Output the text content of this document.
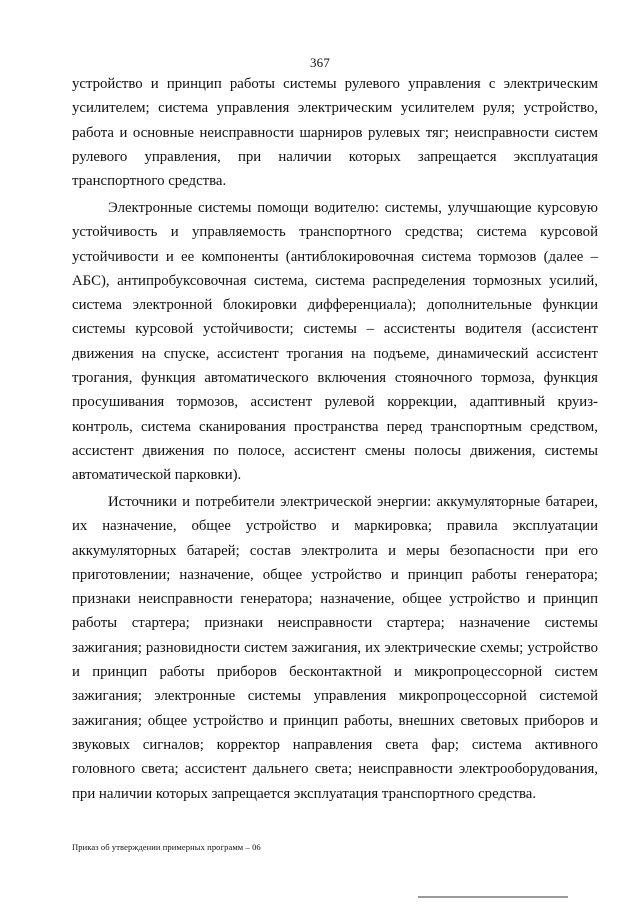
367

устройство и принцип работы системы рулевого управления с электрическим усилителем; система управления электрическим усилителем руля; устройство, работа и основные неисправности шарниров рулевых тяг; неисправности систем рулевого управления, при наличии которых запрещается эксплуатация транспортного средства.

Электронные системы помощи водителю: системы, улучшающие курсовую устойчивость и управляемость транспортного средства; система курсовой устойчивости и ее компоненты (антиблокировочная система тормозов (далее – АБС), антипробуксовочная система, система распределения тормозных усилий, система электронной блокировки дифференциала); дополнительные функции системы курсовой устойчивости; системы – ассистенты водителя (ассистент движения на спуске, ассистент трогания на подъеме, динамический ассистент трогания, функция автоматического включения стояночного тормоза, функция просушивания тормозов, ассистент рулевой коррекции, адаптивный круиз-контроль, система сканирования пространства перед транспортным средством, ассистент движения по полосе, ассистент смены полосы движения, системы автоматической парковки).

Источники и потребители электрической энергии: аккумуляторные батареи, их назначение, общее устройство и маркировка; правила эксплуатации аккумуляторных батарей; состав электролита и меры безопасности при его приготовлении; назначение, общее устройство и принцип работы генератора; признаки неисправности генератора; назначение, общее устройство и принцип работы стартера; признаки неисправности стартера; назначение системы зажигания; разновидности систем зажигания, их электрические схемы; устройство и принцип работы приборов бесконтактной и микропроцессорной систем зажигания; электронные системы управления микропроцессорной системой зажигания; общее устройство и принцип работы, внешних световых приборов и звуковых сигналов; корректор направления света фар; система активного головного света; ассистент дальнего света; неисправности электрооборудования, при наличии которых запрещается эксплуатация транспортного средства.

Приказ об утверждении примерных программ – 06
